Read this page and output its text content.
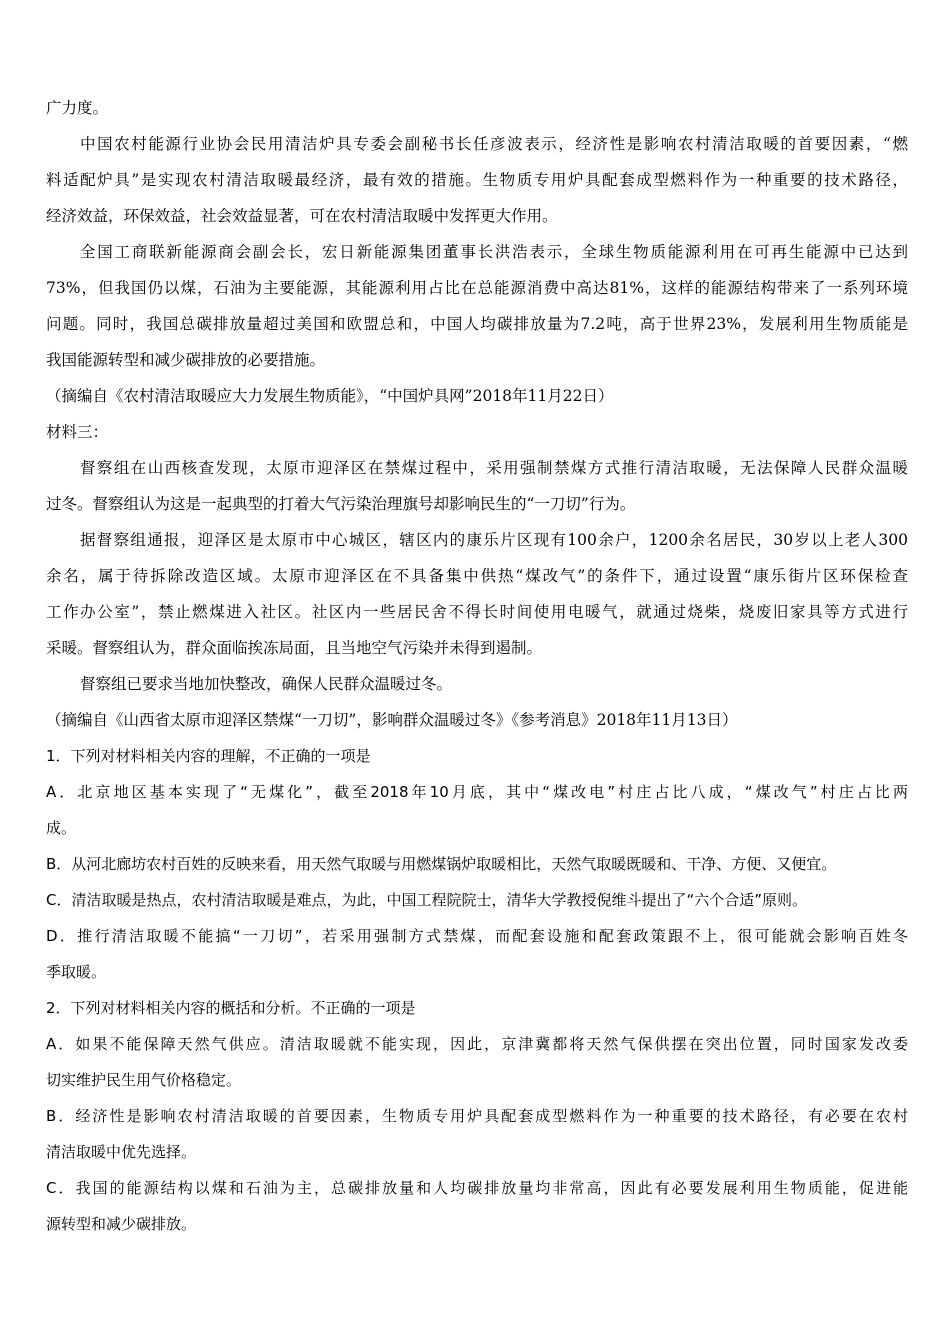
广力度。
中国农村能源行业协会民用清洁炉具专委会副秘书长任彦波表示，经济性是影响农村清洁取暖的首要因素，“燃
料适配炉具”是实现农村清洁取暖最经济，最有效的措施。生物质专用炉具配套成型燃料作为一种重要的技术路径，
经济效益，环保效益，社会效益显著，可在农村清洁取暖中发挥更大作用。
全国工商联新能源商会副会长，宏日新能源集团董事长洪浩表示，全球生物质能源利用在可再生能源中已达到
73%，但我国仍以煤，石油为主要能源，其能源利用占比在总能源消费中高达81%，这样的能源结构带来了一系列环境
问题。同时，我国总碳排放量超过美国和欧盟总和，中国人均碳排放量为7.2吨，高于世界23%，发展利用生物质能是
我国能源转型和减少碳排放的必要措施。
（摘编自《农村清洁取暖应大力发展生物质能》，“中国炉具网”2018年11月22日）
材料三：
督察组在山西核查发现，太原市迎泽区在禁煤过程中，采用强制禁煤方式推行清洁取暖，无法保障人民群众温暖
过冬。督察组认为这是一起典型的打着大气污染治理旗号却影响民生的“一刀切”行为。
据督察组通报，迎泽区是太原市中心城区，辖区内的康乐片区现有100余户，1200余名居民，30岁以上老人300
余名，属于待拆除改造区域。太原市迎泽区在不具备集中供热“煤改气”的条件下，通过设置“康乐街片区环保检查
工作办公室”，禁止燃煤进入社区。社区内一些居民舍不得长时间使用电暖气，就通过烧柴，烧废旧家具等方式进行
采暖。督察组认为，群众面临挨冻局面，且当地空气污染并未得到遏制。
督察组已要求当地加快整改，确保人民群众温暖过冬。
（摘编自《山西省太原市迎泽区禁煤“一刀切”，影响群众温暖过冬》《参考消息》2018年11月13日）
1．下列对材料相关内容的理解，不正确的一项是
A．北京地区基本实现了“无煤化”，截至2018年10月底，其中“煤改电”村庄占比八成，“煤改气”村庄占比两
成。
B．从河北廊坊农村百姓的反映来看，用天然气取暖与用燃煤锅炉取暖相比，天然气取暖既暖和、干净、方便、又便宜。
C．清洁取暖是热点，农村清洁取暖是难点，为此，中国工程院院士，清华大学教授倪维斗提出了“六个合适”原则。
D．推行清洁取暖不能搞“一刀切”，若采用强制方式禁煤，而配套设施和配套政策跟不上，很可能就会影响百姓冬
季取暖。
2．下列对材料相关内容的概括和分析。不正确的一项是
A．如果不能保障天然气供应。清洁取暖就不能实现，因此，京津冀都将天然气保供摆在突出位置，同时国家发改委
切实维护民生用气价格稳定。
B．经济性是影响农村清洁取暖的首要因素，生物质专用炉具配套成型燃料作为一种重要的技术路径，有必要在农村
清洁取暖中优先选择。
C．我国的能源结构以煤和石油为主，总碳排放量和人均碳排放量均非常高，因此有必要发展利用生物质能，促进能
源转型和减少碳排放。
